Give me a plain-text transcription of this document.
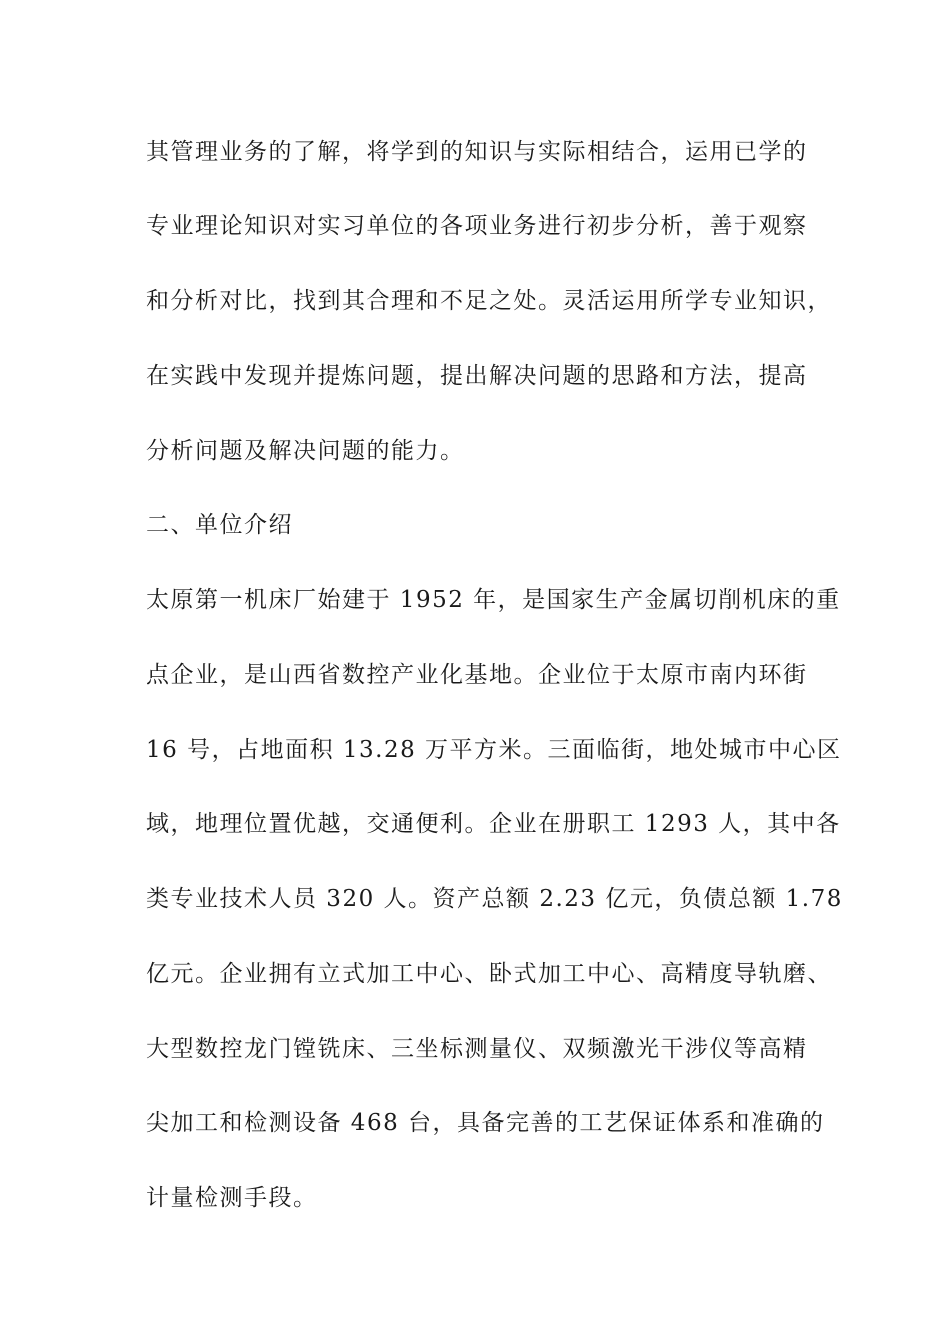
其管理业务的了解，将学到的知识与实际相结合，运用已学的
专业理论知识对实习单位的各项业务进行初步分析，善于观察
和分析对比，找到其合理和不足之处。灵活运用所学专业知识，
在实践中发现并提炼问题，提出解决问题的思路和方法，提高
分析问题及解决问题的能力。
二、单位介绍
太原第一机床厂始建于 1952 年，是国家生产金属切削机床的重
点企业，是山西省数控产业化基地。企业位于太原市南内环街
16 号，占地面积 13.28 万平方米。三面临街，地处城市中心区
域，地理位置优越，交通便利。企业在册职工 1293 人，其中各
类专业技术人员 320 人。资产总额 2.23 亿元，负债总额 1.78
亿元。企业拥有立式加工中心、卧式加工中心、高精度导轨磨、
大型数控龙门镗铣床、三坐标测量仪、双频激光干涉仪等高精
尖加工和检测设备 468 台，具备完善的工艺保证体系和准确的
计量检测手段。
